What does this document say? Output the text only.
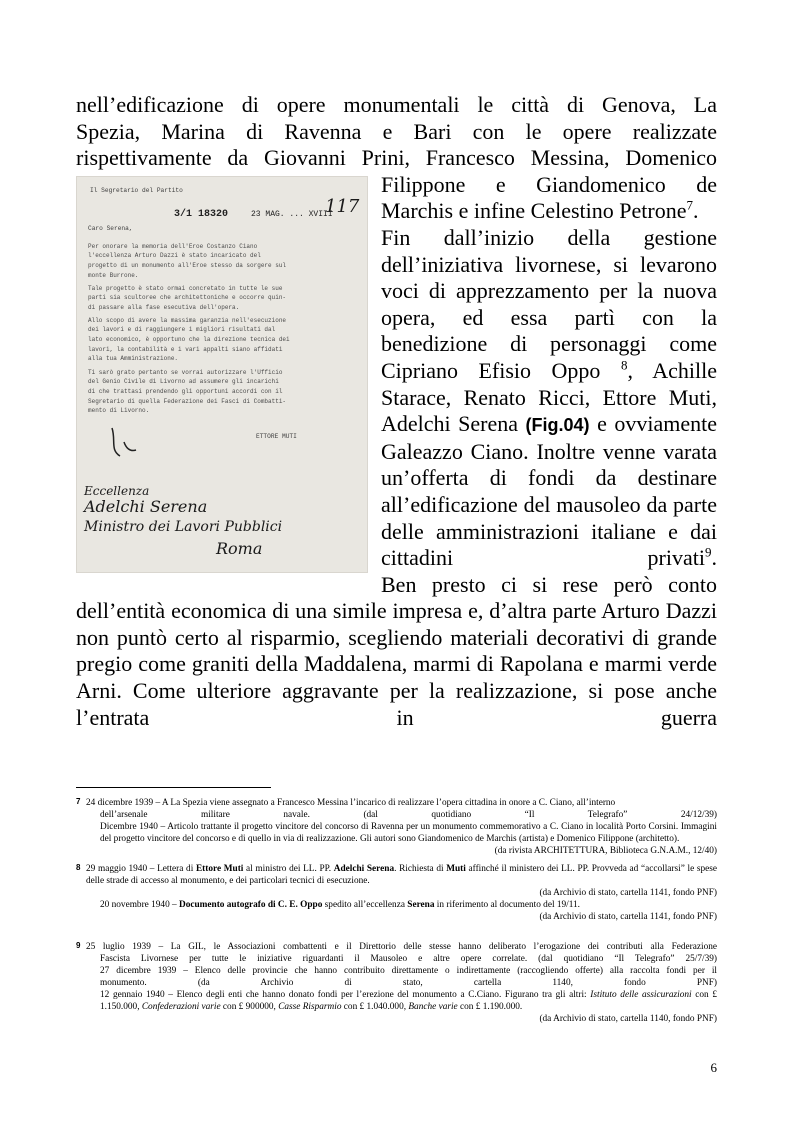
nell’edificazione di opere monumentali le città di Genova, La
Spezia, Marina di Ravenna e Bari con le opere realizzate
rispettivamente da Giovanni Prini, Francesco Messina, Domenico
Il Segretario del Partito
3/1 18320	23 MAG. ... XVIII
117
Caro Serena,
Per onorare la memoria dell'Eroe Costanzo Ciano
l'eccellenza Arturo Dazzi è stato incaricato del
progetto di un monumento all'Eroe stesso da sorgere sul
monte Burrone.
Tale progetto è stato ormai concretato in tutte le sue
parti sia scultoree che architettoniche e occorre quin-
di passare alla fase esecutiva dell'opera.
Allo scopo di avere la massima garanzia nell'esecuzione
dei lavori e di raggiungere i migliori risultati dal
lato economico, è opportuno che la direzione tecnica dei
lavori, la contabilità e i vari appalti siano affidati
alla tua Amministrazione.
Ti sarò grato pertanto se vorrai autorizzare l'Ufficio
del Genio Civile di Livorno ad assumere gli incarichi
di che trattasi prendendo gli opportuni accordi con il
Segretario di quella Federazione dei Fasci di Combatti-
mento di Livorno.
ETTORE MUTI
Eccellenza
Adelchi Serena
Ministro dei Lavori Pubblici
Roma

Filippone e Giandomenico de Marchis e infine Celestino Petrone$^7$.

Fin dall’inizio della gestione dell’iniziativa livornese, si levarono voci di apprezzamento per la nuova opera, ed essa partì con la benedizione di personaggi come Cipriano Efisio Oppo $^8$, Achille Starace, Renato Ricci, Ettore Muti, Adelchi Serena (Fig.04) e ovviamente Galeazzo Ciano. Inoltre venne varata un’offerta di fondi da destinare all’edificazione del mausoleo da parte delle amministrazioni italiane e dai cittadini privati$^9$.

Ben presto ci si rese però conto dell’entità economica di una simile impresa e, d’altra parte Arturo Dazzi non puntò certo al risparmio, scegliendo materiali decorativi di grande pregio come graniti della Maddalena, marmi di Rapolana e marmi verde Arni. Come ulteriore aggravante per la realizzazione, si pose anche l’entrata in guerra

7 24 dicembre 1939 – A La Spezia viene assegnato a Francesco Messina l’incarico di realizzare l’opera cittadina in onore a C. Ciano, all’interno
dell’arsenale militare navale.	(dal quotidiano “Il Telegrafo” 24/12/39)
Dicembre 1940 – Articolo trattante il progetto vincitore del concorso di Ravenna per un monumento commemorativo a C. Ciano in località Porto Corsini. Immagini del progetto vincitore del concorso e di quello in via di realizzazione. Gli autori sono Giandomenico de Marchis (artista) e Domenico Filippone (architetto).
(da rivista ARCHITETTURA, Biblioteca G.N.A.M., 12/40)
8 29 maggio 1940 – Lettera di Ettore Muti al ministro dei LL. PP. Adelchi Serena. Richiesta di Muti affinché il ministero dei LL. PP. Provveda ad “accollarsi” le spese delle strade di accesso al monumento, e dei particolari tecnici di esecuzione.
(da Archivio di stato, cartella 1141, fondo PNF)
20 novembre 1940 – Documento autografo di C. E. Oppo spedito all’eccellenza Serena in riferimento al documento del 19/11.
(da Archivio di stato, cartella 1141, fondo PNF)
9 25 luglio 1939 – La GIL, le Associazioni combattenti e il Direttorio delle stesse hanno deliberato l’erogazione dei contributi alla Federazione
Fascista Livornese per tutte le iniziative riguardanti il Mausoleo e altre opere correlate. (dal quotidiano “Il Telegrafo” 25/7/39)
27 dicembre 1939 – Elenco delle provincie che hanno contribuito direttamente o indirettamente (raccogliendo offerte) alla raccolta fondi per il
monumento.	(da Archivio di stato, cartella 1140, fondo PNF)
12 gennaio 1940 – Elenco degli enti che hanno donato fondi per l’erezione del monumento a C.Ciano. Figurano tra gli altri: Istituto delle assicurazioni con £ 1.150.000, Confederazioni varie con £ 900000, Casse Risparmio con £ 1.040.000, Banche varie con £ 1.190.000.
(da Archivio di stato, cartella 1140, fondo PNF)
6
